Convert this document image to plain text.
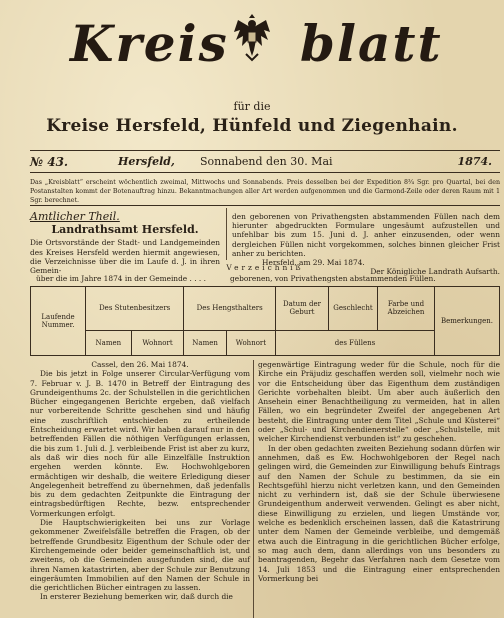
Kreis blatt
für die
Kreise Hersfeld, Hünfeld und Ziegenhain.
№ 43.	Hersfeld, Sonnabend den 30. Mai	1874.
Das „Kreisblatt“ erscheint wöchentlich zweimal, Mittwochs und Sonnabends. Preis desselben bei der Expedition 8¾ Sgr. pro Quartal, bei den Postanstalten kommt der Botenauftrag hinzu. Bekanntmachungen aller Art werden aufgenommen und die Garmond-Zeile oder deren Raum mit 1 Sgr. berechnet.

Amtlicher Theil.

Landrathsamt Hersfeld.

Die Ortsvorstände der Stadt- und Landgemeinden des Kreises Hersfeld werden hiermit angewiesen, die Verzeichnisse über die im Laufe d. J. in ihren Gemein-

den geborenen von Privathengsten abstammenden Füllen nach dem hierunter abgedruckten Formulare ungesäumt aufzustellen und unfehlbar bis zum 15. Juni d. J. anher einzusenden, oder wenn dergleichen Füllen nicht vorgekommen, solches binnen gleicher Frist anher zu berichten.

Hersfeld, am 29. Mai 1874.

Der Königliche Landrath Aufsarth.

Verzeichniß
über die im Jahre 1874 in der Gemeinde . . . .	geborenen, von Privathengsten abstammenden Füllen.
Laufende
Nummer.	Des Stutenbesitzers		Des Hengsthalters		Datum der Geburt	Geschlecht	Farbe und Abzeichen	Bemerkungen.
	Namen	Wohnort	Namen	Wohnort	des Füllens			

Cassel, den 26. Mai 1874.

Die bis jetzt in Folge unserer Circular-Verfügung vom 7. Februar v. J. B. 1470 in Betreff der Eintragung des Grundeigenthums 2c. der Schulstellen in die gerichtlichen Bücher eingegangenen Berichte ergeben, daß vielfach nur vorbereitende Schritte geschehen sind und häufig eine zuschriftlich entschieden zu ertheilende Entscheidung erwartet wird. Wir haben darauf nur in den betreffenden Fällen die nöthigen Verfügungen erlassen, die bis zum 1. Juli d. J. verbleibende Frist ist aber zu kurz, als daß wir dies noch für alle Einzelfälle Instruktion ergehen werden könnte. Ew. Hochwohlgeboren ermächtigen wir deshalb, die weitere Erledigung dieser Angelegenheit betreffend zu übernehmen, daß jedenfalls bis zu dem gedachten Zeitpunkte die Eintragung der eintragsbedürftigen Rechte, bezw. entsprechender Vormerkungen erfolgt.

Die Hauptschwierigkeiten bei uns zur Vorlage gekommener Zweifelsfälle betreffen die Fragen, ob der betreffende Grundbesitz Eigenthum der Schule oder der Kirchengemeinde oder beider gemeinschaftlich ist, und zweitens, ob die Gemeinden ausgefunden sind, die auf ihren Namen katastrirten, aber der Schule zur Benutzung eingeräumten Immobilien auf den Namen der Schule in die gerichtlichen Bücher eintragen zu lassen.

In ersterer Beziehung bemerken wir, daß durch die

gegenwärtige Eintragung weder für die Schule, noch für die Kirche ein Präjudiz geschaffen werden soll, vielmehr noch wie vor die Entscheidung über das Eigenthum dem zuständigen Gerichte vorbehalten bleibt. Um aber auch äußerlich den Ansehein einer Benachtheiligung zu vermeiden, hat in allen Fällen, wo ein begründeter Zweifel der angegebenen Art besteht, die Eintragung unter dem Titel „Schule und Küsterei“ oder „Schul- und Kirchendienerstelle“ oder „Schulstelle, mit welcher Kirchendienst verbunden ist“ zu geschehen.

In der oben gedachten zweiten Beziehung sodann dürfen wir annehmen, daß es Ew. Hochwohlgeboren der Regel nach gelingen wird, die Gemeinden zur Einwilligung behufs Eintrags auf den Namen der Schule zu bestimmen, da sie ein Rechtsgefühl hierzu nicht verletzen kann, und den Gemeinden nicht zu verhindern ist, daß sie der Schule überwiesene Grundeigenthum anderweit verwenden. Gelingt es aber nicht, diese Einwilligung zu erzielen, und liegen Umstände vor, welche es bedenklich erscheinen lassen, daß die Katastrirung unter dem Namen der Gemeinde verbleibe, und demgemäß etwa auch die Eintragung in die gerichtlichen Bücher erfolge, so mag auch dem, dann allerdings von uns besonders zu beantragenden, Begehr das Verfahren nach dem Gesetze vom 14. Juli 1853 und die Eintragung einer entsprechenden Vormerkung bei
